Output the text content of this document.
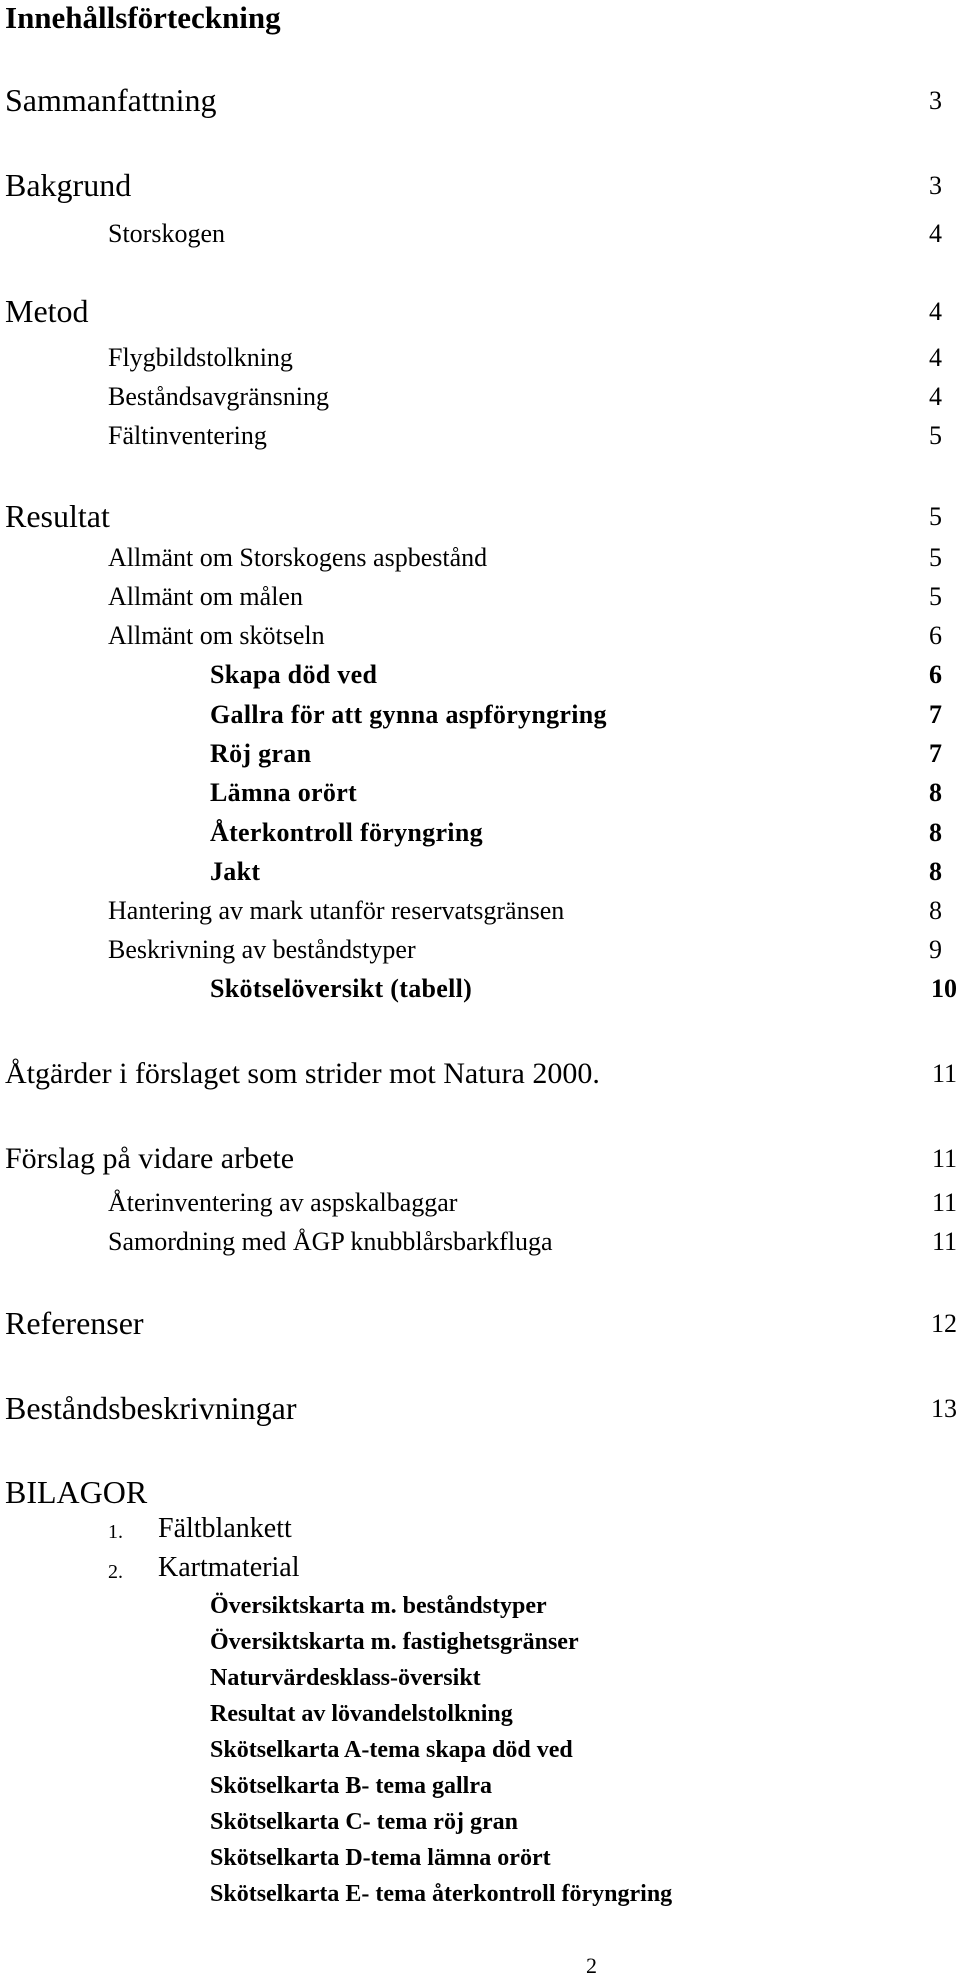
Innehållsförteckning
Sammanfattning	3
Bakgrund	3
Storskogen	4
Metod	4
Flygbildstolkning	4
Beståndsavgränsning	4
Fältinventering	5
Resultat	5
Allmänt om Storskogens aspbestånd	5
Allmänt om målen	5
Allmänt om skötseln	6
Skapa död ved	6
Gallra för att gynna aspföryngring	7
Röj gran	7
Lämna orört	8
Återkontroll föryngring	8
Jakt	8
Hantering av mark utanför reservatsgränsen	8
Beskrivning av beståndstyper	9
Skötselöversikt (tabell)	10
Åtgärder i förslaget som strider mot Natura 2000.	11
Förslag på vidare arbete	11
Återinventering av aspskalbaggar	11
Samordning med ÅGP knubblårsbarkfluga	11
Referenser	12
Beståndsbeskrivningar	13
BILAGOR
1. Fältblankett
2. Kartmaterial
Översiktskarta m. beståndstyper
Översiktskarta m. fastighetsgränser
Naturvärdesklass-översikt
Resultat av lövandelstolkning
Skötselkarta A-tema skapa död ved
Skötselkarta B- tema gallra
Skötselkarta C- tema röj gran
Skötselkarta D-tema lämna orört
Skötselkarta E- tema återkontroll föryngring
2
